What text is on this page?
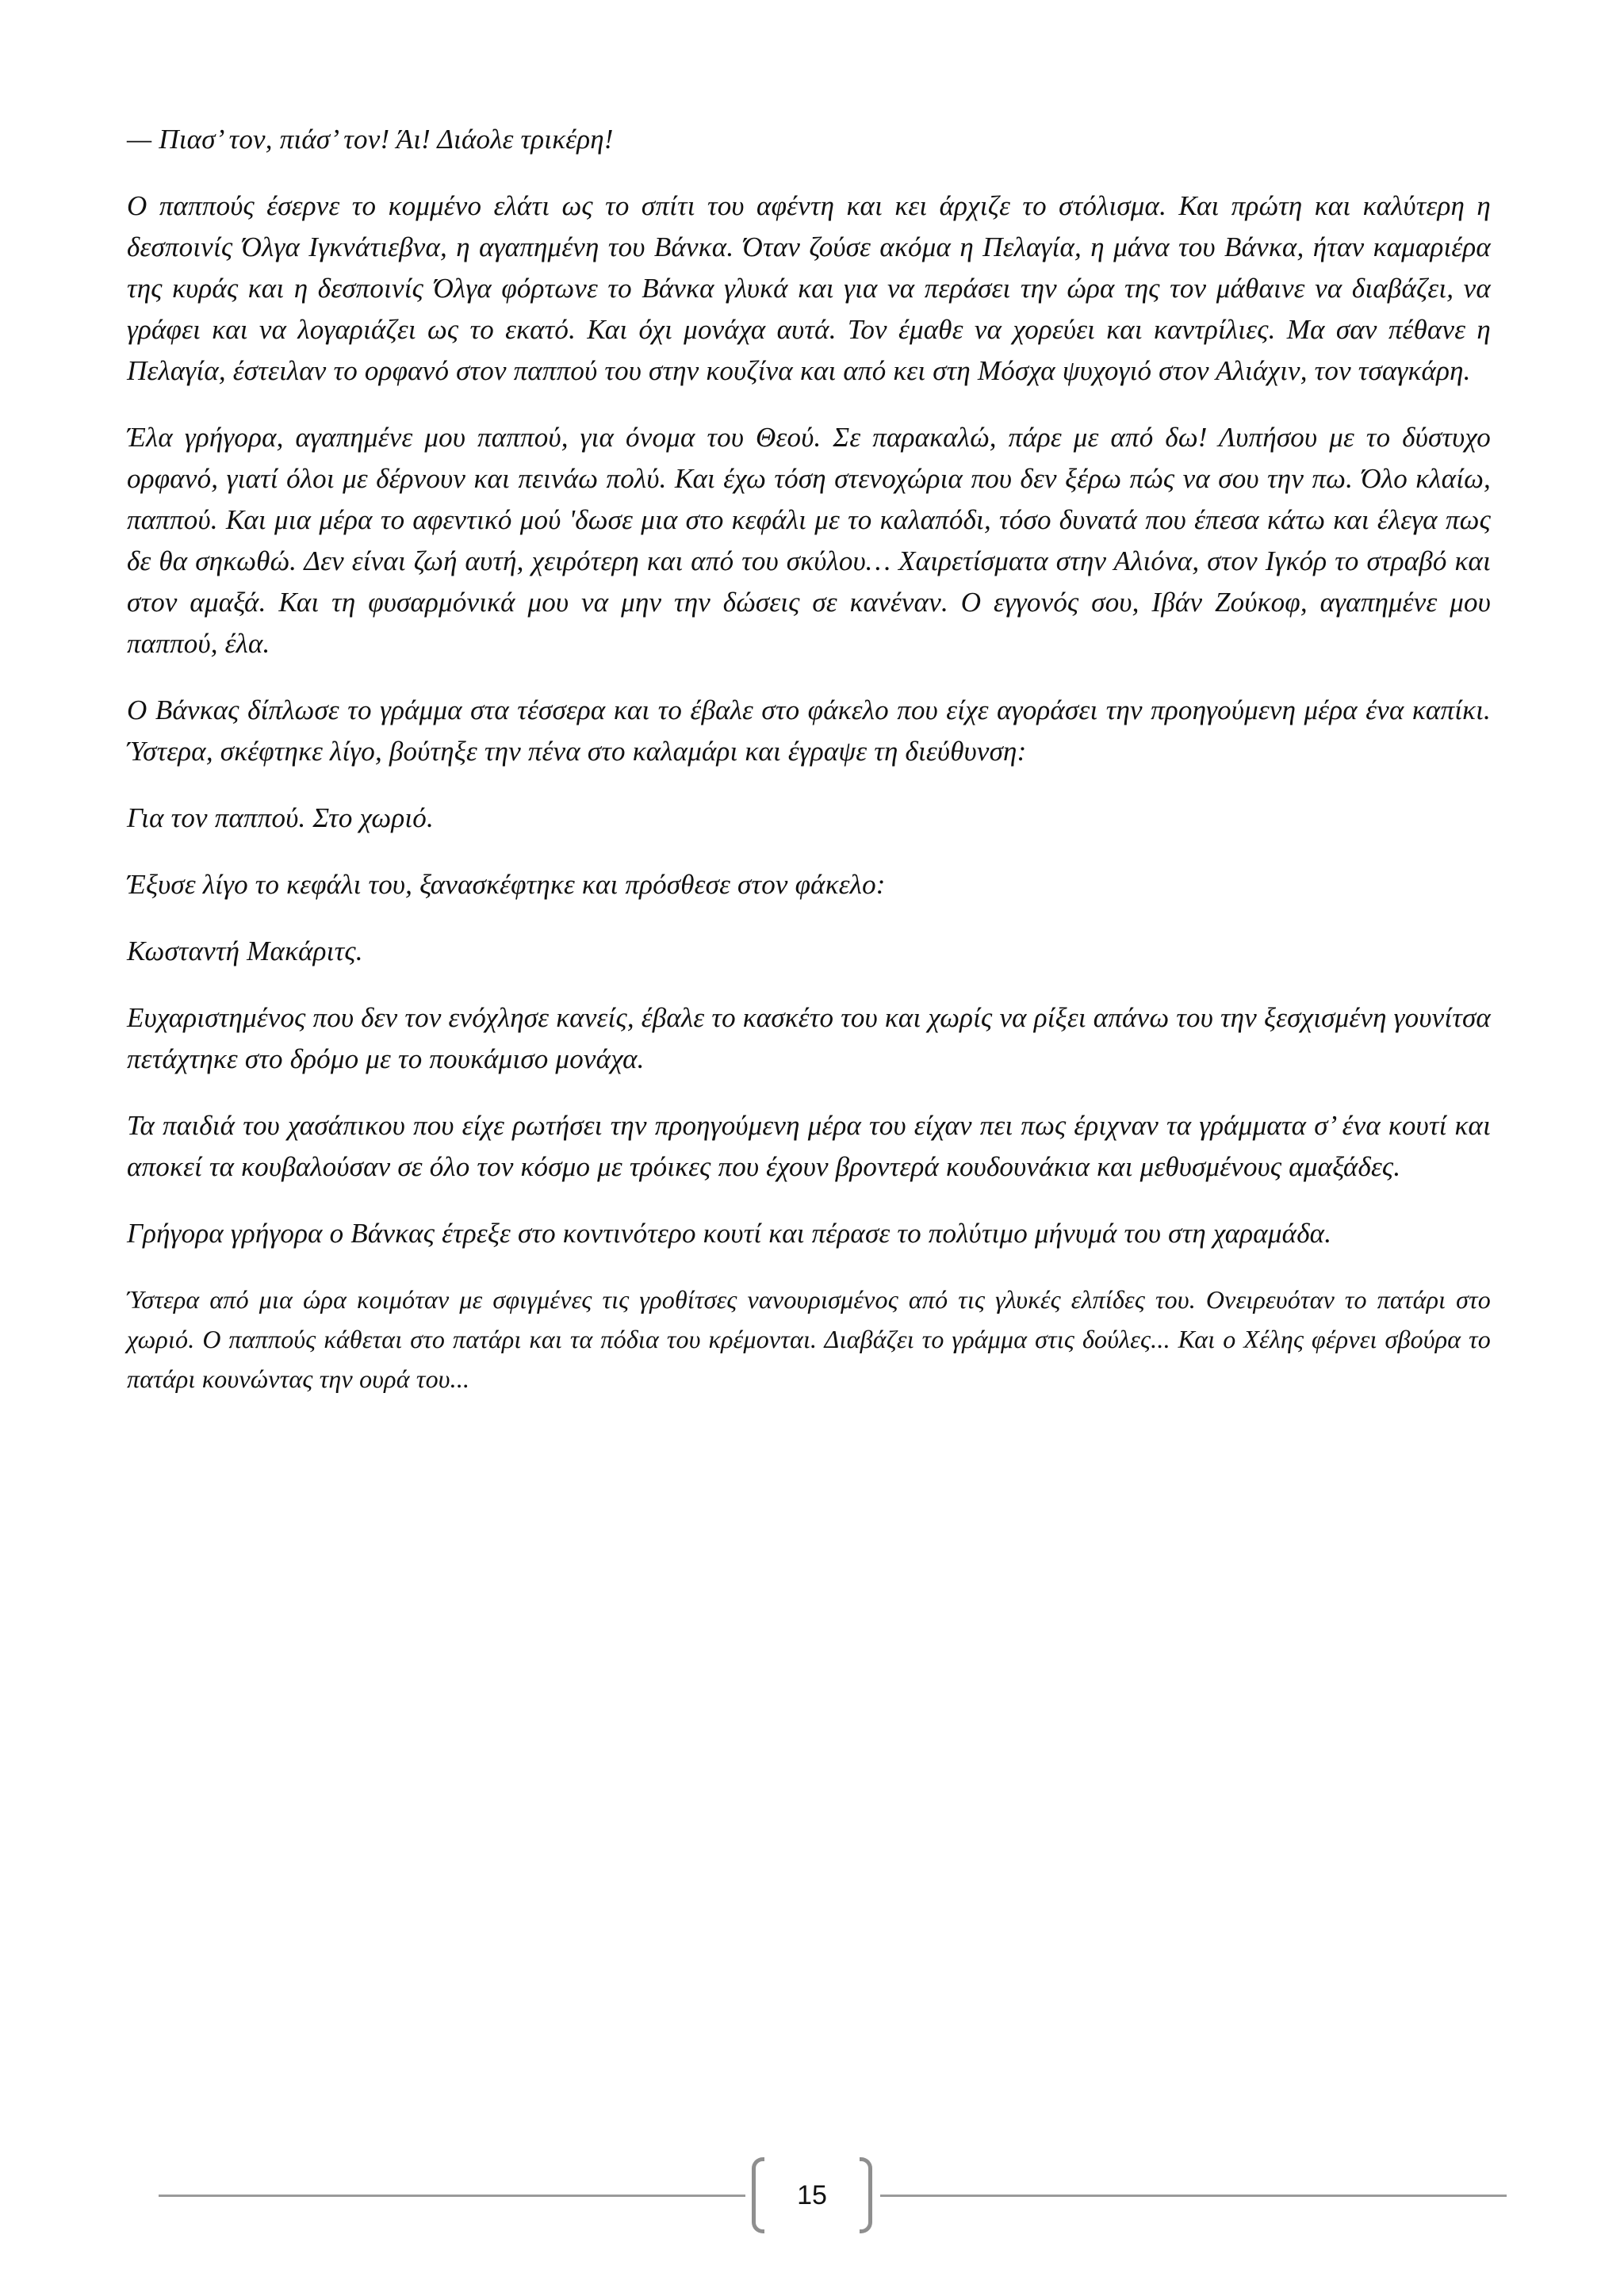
— Πιασ’ τον, πιάσ’ τον! Άι! Διάολε τρικέρη!

Ο παππούς έσερνε το κομμένο ελάτι ως το σπίτι του αφέντη και κει άρχιζε το στόλισμα. Και πρώτη και καλύτερη η δεσποινίς Όλγα Ιγκνάτιεβνα, η αγαπημένη του Βάνκα. Όταν ζούσε ακόμα η Πελαγία, η μάνα του Βάνκα, ήταν καμαριέρα της κυράς και η δεσποινίς Όλγα φόρτωνε το Βάνκα γλυκά και για να περάσει την ώρα της τον μάθαινε να διαβάζει, να γράφει και να λογαριάζει ως το εκατό. Και όχι μονάχα αυτά. Τον έμαθε να χορεύει και καντρίλιες. Μα σαν πέθανε η Πελαγία, έστειλαν το ορφανό στον παππού του στην κουζίνα και από κει στη Μόσχα ψυχογιό στον Αλιάχιν, τον τσαγκάρη.

Έλα γρήγορα, αγαπημένε μου παππού, για όνομα του Θεού. Σε παρακαλώ, πάρε με από δω! Λυπήσου με το δύστυχο ορφανό, γιατί όλοι με δέρνουν και πεινάω πολύ. Και έχω τόση στενοχώρια που δεν ξέρω πώς να σου την πω. Όλο κλαίω, παππού. Και μια μέρα το αφεντικό μού 'δωσε μια στο κεφάλι με το καλαπόδι, τόσο δυνατά που έπεσα κάτω και έλεγα πως δε θα σηκωθώ. Δεν είναι ζωή αυτή, χειρότερη και από του σκύλου… Χαιρετίσματα στην Αλιόνα, στον Ιγκόρ το στραβό και στον αμαξά. Και τη φυσαρμόνικά μου να μην την δώσεις σε κανέναν. Ο εγγονός σου, Ιβάν Ζούκοφ, αγαπημένε μου παππού, έλα.

Ο Βάνκας δίπλωσε το γράμμα στα τέσσερα και το έβαλε στο φάκελο που είχε αγοράσει την προηγούμενη μέρα ένα καπίκι. Ύστερα, σκέφτηκε λίγο, βούτηξε την πένα στο καλαμάρι και έγραψε τη διεύθυνση:

Για τον παππού. Στο χωριό.

Έξυσε λίγο το κεφάλι του, ξανασκέφτηκε και πρόσθεσε στον φάκελο:

Κωσταντή Μακάριτς.

Ευχαριστημένος που δεν τον ενόχλησε κανείς, έβαλε το κασκέτο του και χωρίς να ρίξει απάνω του την ξεσχισμένη γουνίτσα πετάχτηκε στο δρόμο με το πουκάμισο μονάχα.

Τα παιδιά του χασάπικου που είχε ρωτήσει την προηγούμενη μέρα του είχαν πει πως έριχναν τα γράμματα σ’ ένα κουτί και αποκεί τα κουβαλούσαν σε όλο τον κόσμο με τρόικες που έχουν βροντερά κουδουνάκια και μεθυσμένους αμαξάδες.

Γρήγορα γρήγορα ο Βάνκας έτρεξε στο κοντινότερο κουτί και πέρασε το πολύτιμο μήνυμά του στη χαραμάδα.

Ύστερα από μια ώρα κοιμόταν με σφιγμένες τις γροθίτσες νανουρισμένος από τις γλυκές ελπίδες του. Ονειρευόταν το πατάρι στο χωριό. Ο παππούς κάθεται στο πατάρι και τα πόδια του κρέμονται. Διαβάζει το γράμμα στις δούλες... Και ο Χέλης φέρνει σβούρα το πατάρι κουνώντας την ουρά του...

15
